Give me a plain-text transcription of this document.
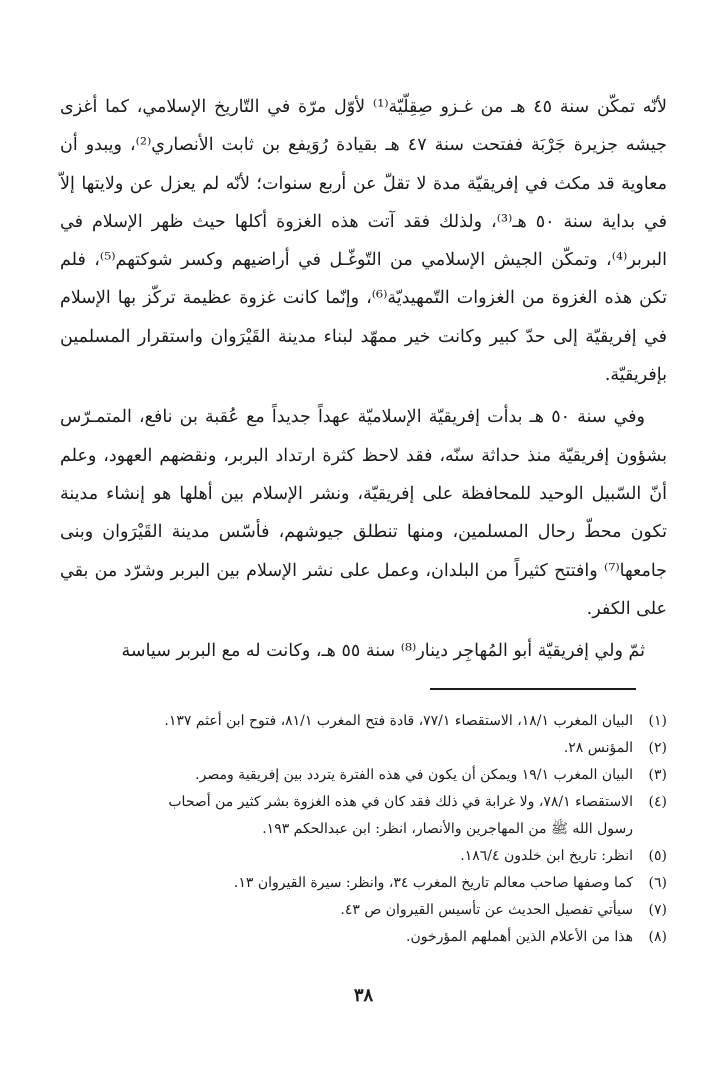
لأنّه تمكّن سنة ٤٥ هـ من غـزو صِقِلّيّة⁽¹⁾ لأوّل مرّة في التّاريخ الإسلامي، كما أغزى جيشه جزيرة جَرْبَة ففتحت سنة ٤٧ هـ بقيادة رُوَيفع بن ثابت الأنصاري⁽²⁾، ويبدو أن معاوية قد مكث في إفريقيّة مدة لا تقلّ عن أربع سنوات؛ لأنّه لم يعزل عن ولايتها إلاّ في بداية سنة ٥٠ هـ⁽³⁾، ولذلك فقد آتت هذه الغزوة أكلها حيث ظهر الإسلام في البربر⁽⁴⁾، وتمكّن الجيش الإسلامي من التّوغّـل في أراضيهم وكسر شوكتهم⁽⁵⁾، فلم تكن هذه الغزوة من الغزوات التّمهيديّة⁽⁶⁾، وإنّما كانت غزوة عظيمة تركّز بها الإسلام في إفريقيّة إلى حدّ كبير وكانت خير ممهّد لبناء مدينة القَيْرَوان واستقرار المسلمين بإفريقيّة.

وفي سنة ٥٠ هـ بدأت إفريقيّة الإسلاميّة عهداً جديداً مع عُقبة بن نافع، المتمـرّس بشؤون إفريقيّة منذ حداثة سنّه، فقد لاحظ كثرة ارتداد البربر، ونقضهم العهود، وعلم أنّ السّبيل الوحيد للمحافظة على إفريقيّة، ونشر الإسلام بين أهلها هو إنشاء مدينة تكون محطّ رحال المسلمين، ومنها تنطلق جيوشهم، فأسّس مدينة القَيْرَوان وبنى جامعها⁽⁷⁾ وافتتح كثيراً من البلدان، وعمل على نشر الإسلام بين البربر وشرّد من بقي على الكفر.

ثمّ ولي إفريقيّة أبو المُهاجِر دينار⁽⁸⁾ سنة ٥٥ هـ، وكانت له مع البربر سياسة

(١)
البيان المغرب ١٨/١، الاستقصاء ٧٧/١، قادة فتح المغرب ٨١/١، فتوح ابن أعثم ١٣٧.
(٢)
المؤنس ٢٨.
(٣)
البيان المغرب ١٩/١ ويمكن أن يكون في هذه الفترة يتردد بين إفريقية ومصر.
(٤)
الاستقصاء ٧٨/١، ولا غرابة في ذلك فقد كان في هذه الغزوة بشر كثير من أصحاب
رسول الله ﷺ من المهاجرين والأنصار، انظر: ابن عبدالحكم ١٩٣.
(٥)
انظر: تاريخ ابن خلدون ١٨٦/٤.
(٦)
كما وصفها صاحب معالم تاريخ المغرب ٣٤، وانظر: سيرة القيروان ١٣.
(٧)
سيأتي تفصيل الحديث عن تأسيس القيروان ص ٤٣.
(٨)
هذا من الأعلام الذين أهملهم المؤرخون.
٣٨
